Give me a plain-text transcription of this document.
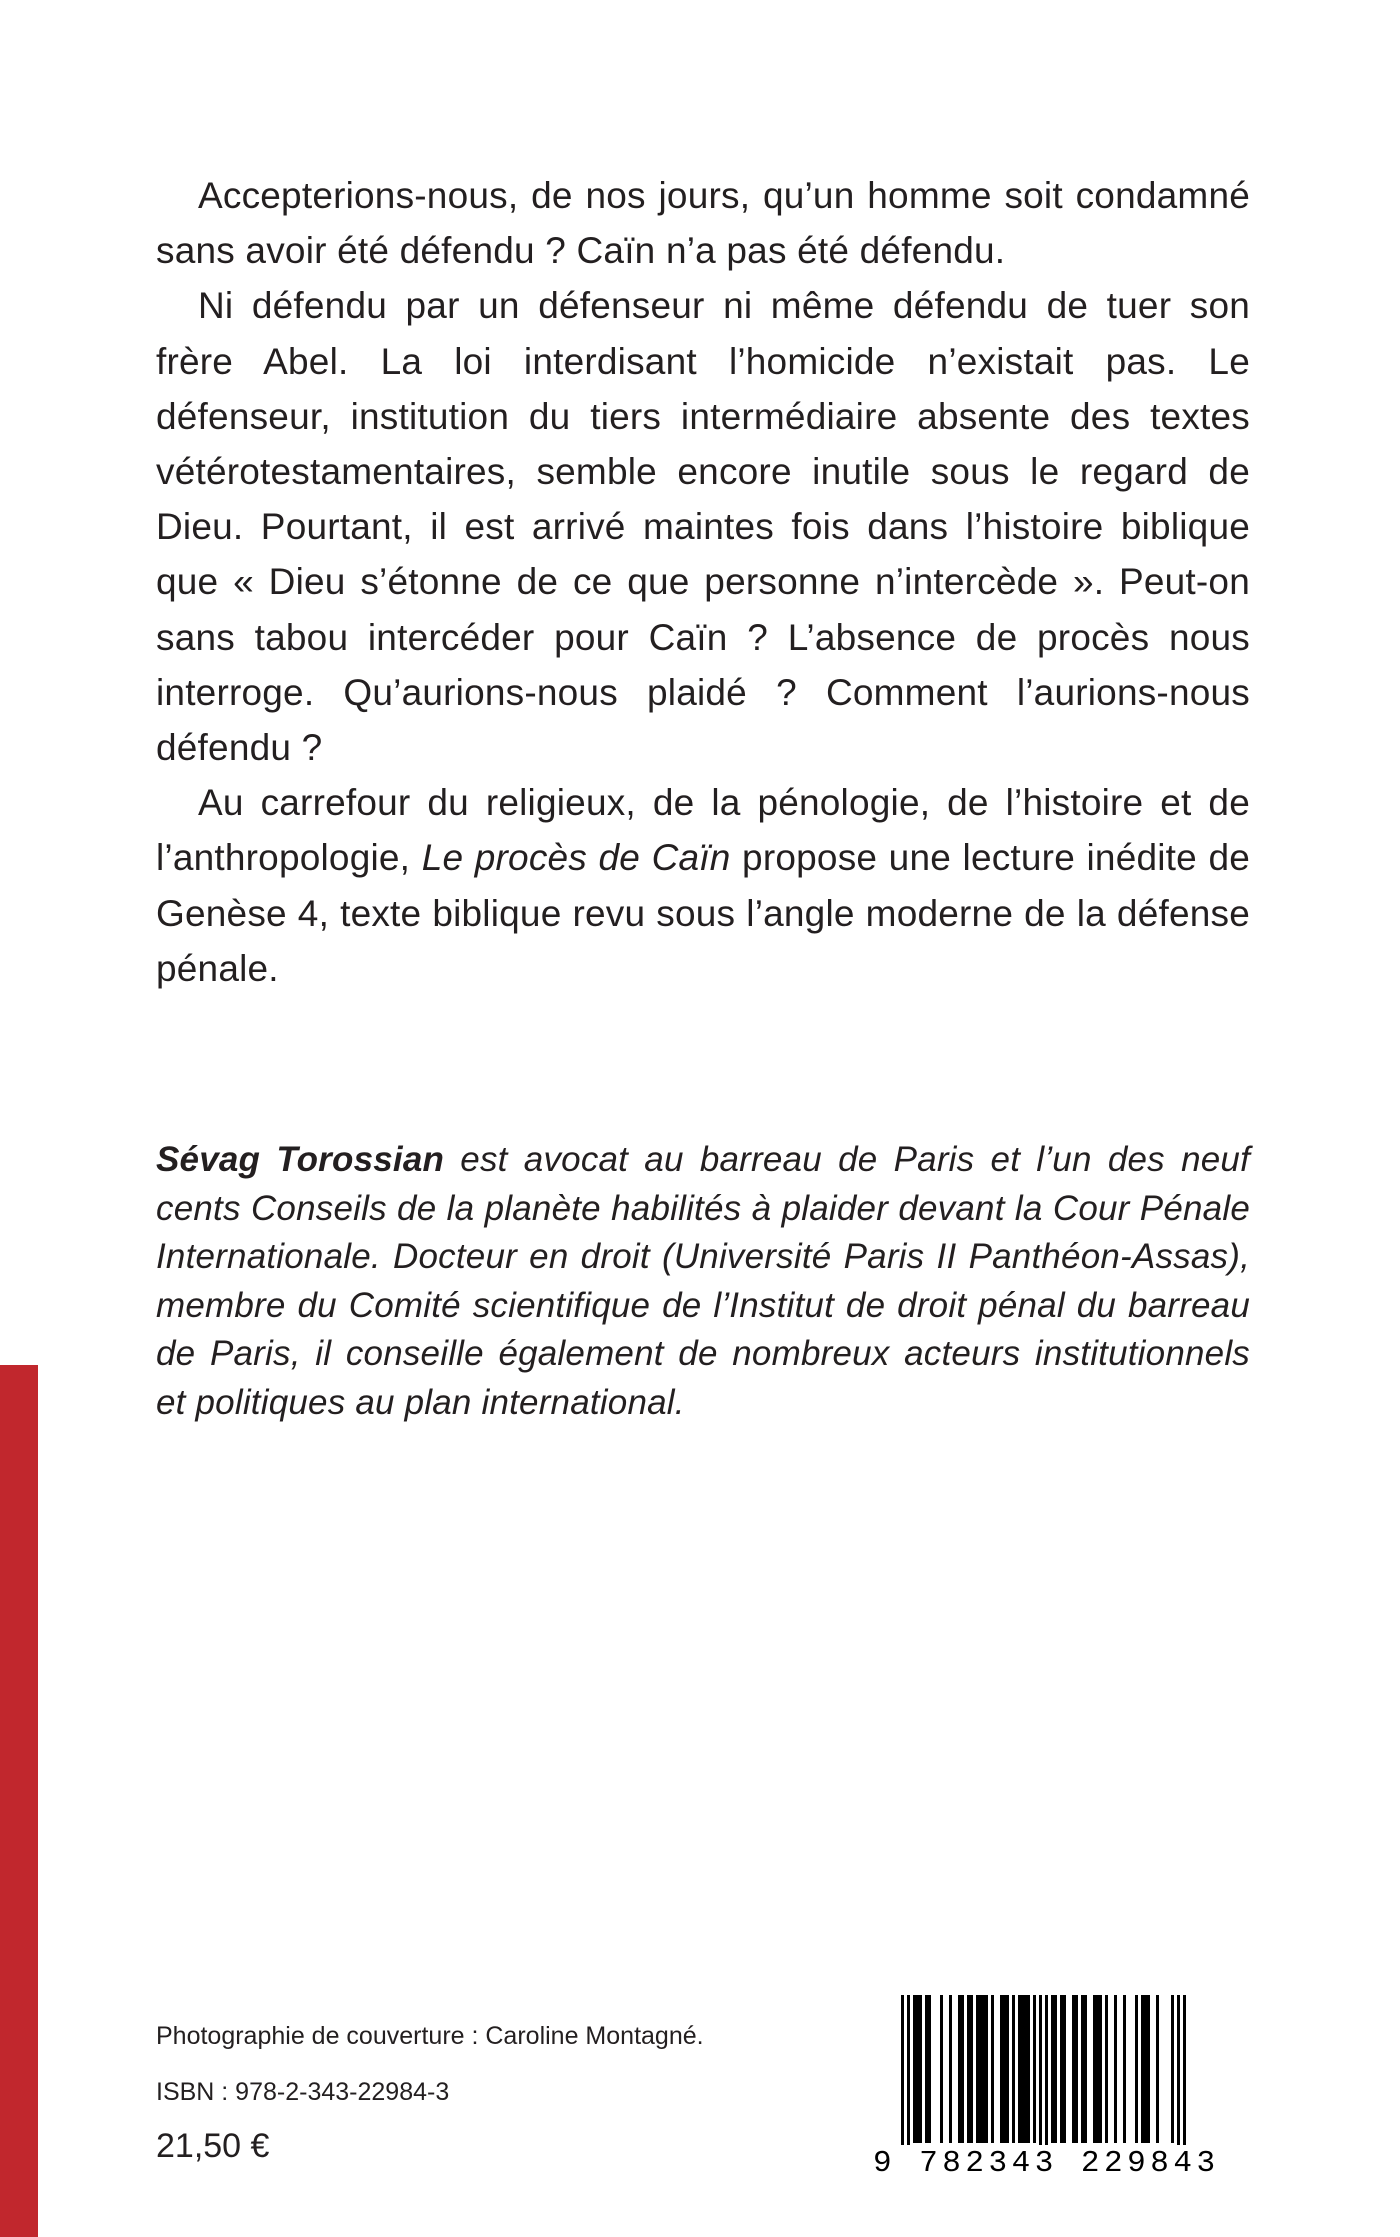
Accepterions-nous, de nos jours, qu’un homme soit condamné sans avoir été défendu ? Caïn n’a pas été défendu.

Ni défendu par un défenseur ni même défendu de tuer son frère Abel. La loi interdisant l’homicide n’existait pas. Le défenseur, institution du tiers intermédiaire absente des textes vétérotestamentaires, semble encore inutile sous le regard de Dieu. Pourtant, il est arrivé maintes fois dans l’histoire biblique que « Dieu s’étonne de ce que personne n’intercède ». Peut-on sans tabou intercéder pour Caïn ? L’absence de procès nous interroge. Qu’aurions-nous plaidé ? Comment l’aurions-nous défendu ?

Au carrefour du religieux, de la pénologie, de l’histoire et de l’anthropologie, Le procès de Caïn propose une lecture inédite de Genèse 4, texte biblique revu sous l’angle moderne de la défense pénale.

Sévag Torossian est avocat au barreau de Paris et l’un des neuf cents Conseils de la planète habilités à plaider devant la Cour Pénale Internationale. Docteur en droit (Université Paris II Panthéon-Assas), membre du Comité scientifique de l’Institut de droit pénal du barreau de Paris, il conseille également de nombreux acteurs institutionnels et politiques au plan international.

Photographie de couverture : Caroline Montagné.
ISBN : 978-2-343-22984-3
21,50 €	9 782343 229843
